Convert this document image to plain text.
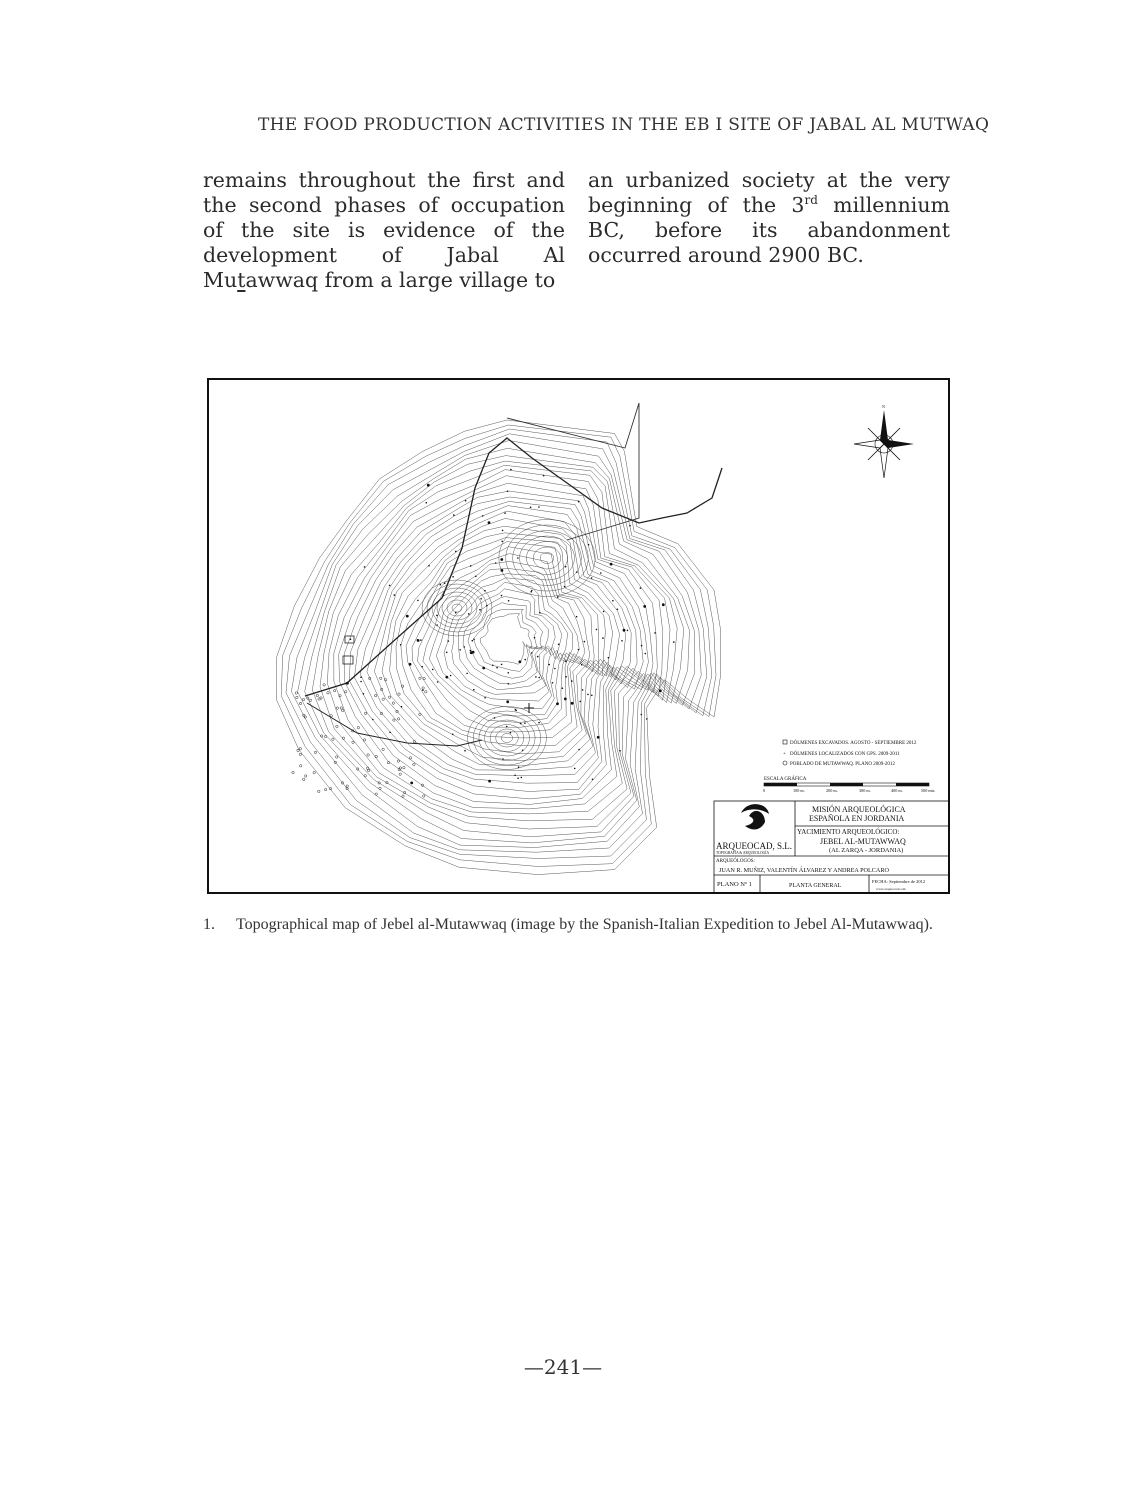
THE FOOD PRODUCTION ACTIVITIES IN THE EB I SITE OF JABAL AL MUTWAQ

remains throughout the first and the second phases of occupation of the site is evidence of the development of Jabal Al Mutawwaq from a large village to

an urbanized society at the very beginning of the 3rd millennium BC, before its abandonment occurred around 2900 BC.

N
DÓLMENES EXCAVADOS. AGOSTO - SEPTIEMBRE 2012
+ DÓLMENES LOCALIZADOS CON GPS. 2009-2011
POBLADO DE MUTAWWAQ. PLANO 2009-2012
ESCALA GRÁFICA
0	100 m.	200 m.	300 m.	400 m.	500 mts.
ARQUEOCAD, S.L.
TOPOGRAFÍA & ARQUEOLOGÍA
MISIÓN ARQUEOLÓGICA
ESPAÑOLA EN JORDANIA
YACIMIENTO ARQUEOLÓGICO:
JEBEL AL-MUTAWWAQ
(AL ZARQA - JORDANIA)
ARQUEÓLOGOS:
JUAN R. MUÑIZ, VALENTÍN ÁLVAREZ Y ANDREA POLCARO
PLANO Nº 1	PLANTA GENERAL
FECHA: Septiembre de 2012
www.arqueocad.com
1. Topographical map of Jebel al-Mutawwaq (image by the Spanish-Italian Expedition to Jebel Al-Mutawwaq).
—241—
